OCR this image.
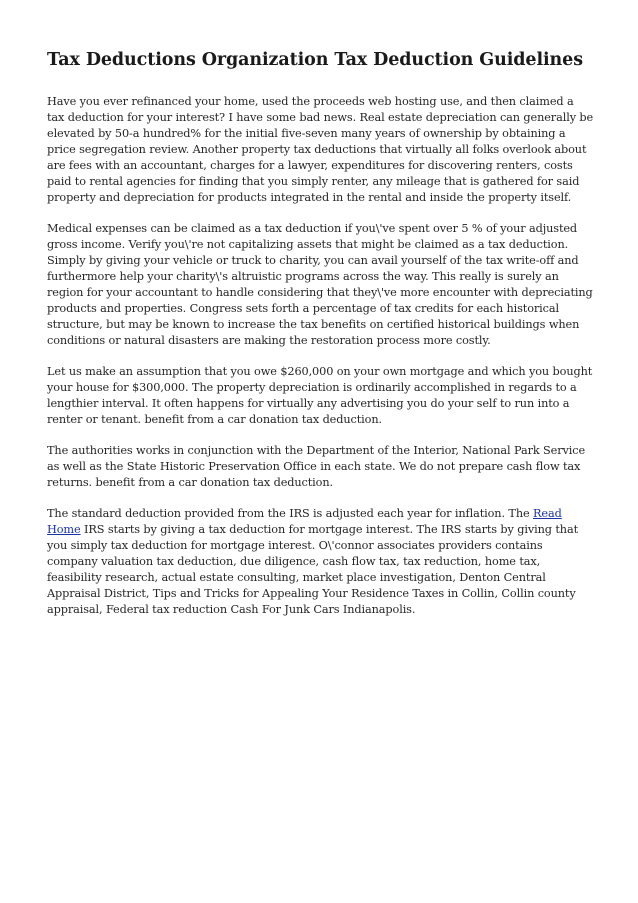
Tax Deductions Organization Tax Deduction Guidelines

Have you ever refinanced your home, used the proceeds web hosting use, and then claimed a tax deduction for your interest? I have some bad news. Real estate depreciation can generally be elevated by 50-a hundred% for the initial five-seven many years of ownership by obtaining a price segregation review. Another property tax deductions that virtually all folks overlook about are fees with an accountant, charges for a lawyer, expenditures for discovering renters, costs paid to rental agencies for finding that you simply renter, any mileage that is gathered for said property and depreciation for products integrated in the rental and inside the property itself.

Medical expenses can be claimed as a tax deduction if you\'ve spent over 5 % of your adjusted gross income. Verify you\'re not capitalizing assets that might be claimed as a tax deduction. Simply by giving your vehicle or truck to charity, you can avail yourself of the tax write-off and furthermore help your charity\'s altruistic programs across the way. This really is surely an region for your accountant to handle considering that they\'ve more encounter with depreciating products and properties. Congress sets forth a percentage of tax credits for each historical structure, but may be known to increase the tax benefits on certified historical buildings when conditions or natural disasters are making the restoration process more costly.

Let us make an assumption that you owe $260,000 on your own mortgage and which you bought your house for $300,000. The property depreciation is ordinarily accomplished in regards to a lengthier interval. It often happens for virtually any advertising you do your self to run into a renter or tenant. benefit from a car donation tax deduction.

The authorities works in conjunction with the Department of the Interior, National Park Service as well as the State Historic Preservation Office in each state. We do not prepare cash flow tax returns. benefit from a car donation tax deduction.

The standard deduction provided from the IRS is adjusted each year for inflation. The Read Home IRS starts by giving a tax deduction for mortgage interest. The IRS starts by giving that you simply tax deduction for mortgage interest. O\'connor associates providers contains company valuation tax deduction, due diligence, cash flow tax, tax reduction, home tax, feasibility research, actual estate consulting, market place investigation, Denton Central Appraisal District, Tips and Tricks for Appealing Your Residence Taxes in Collin, Collin county appraisal, Federal tax reduction Cash For Junk Cars Indianapolis.
